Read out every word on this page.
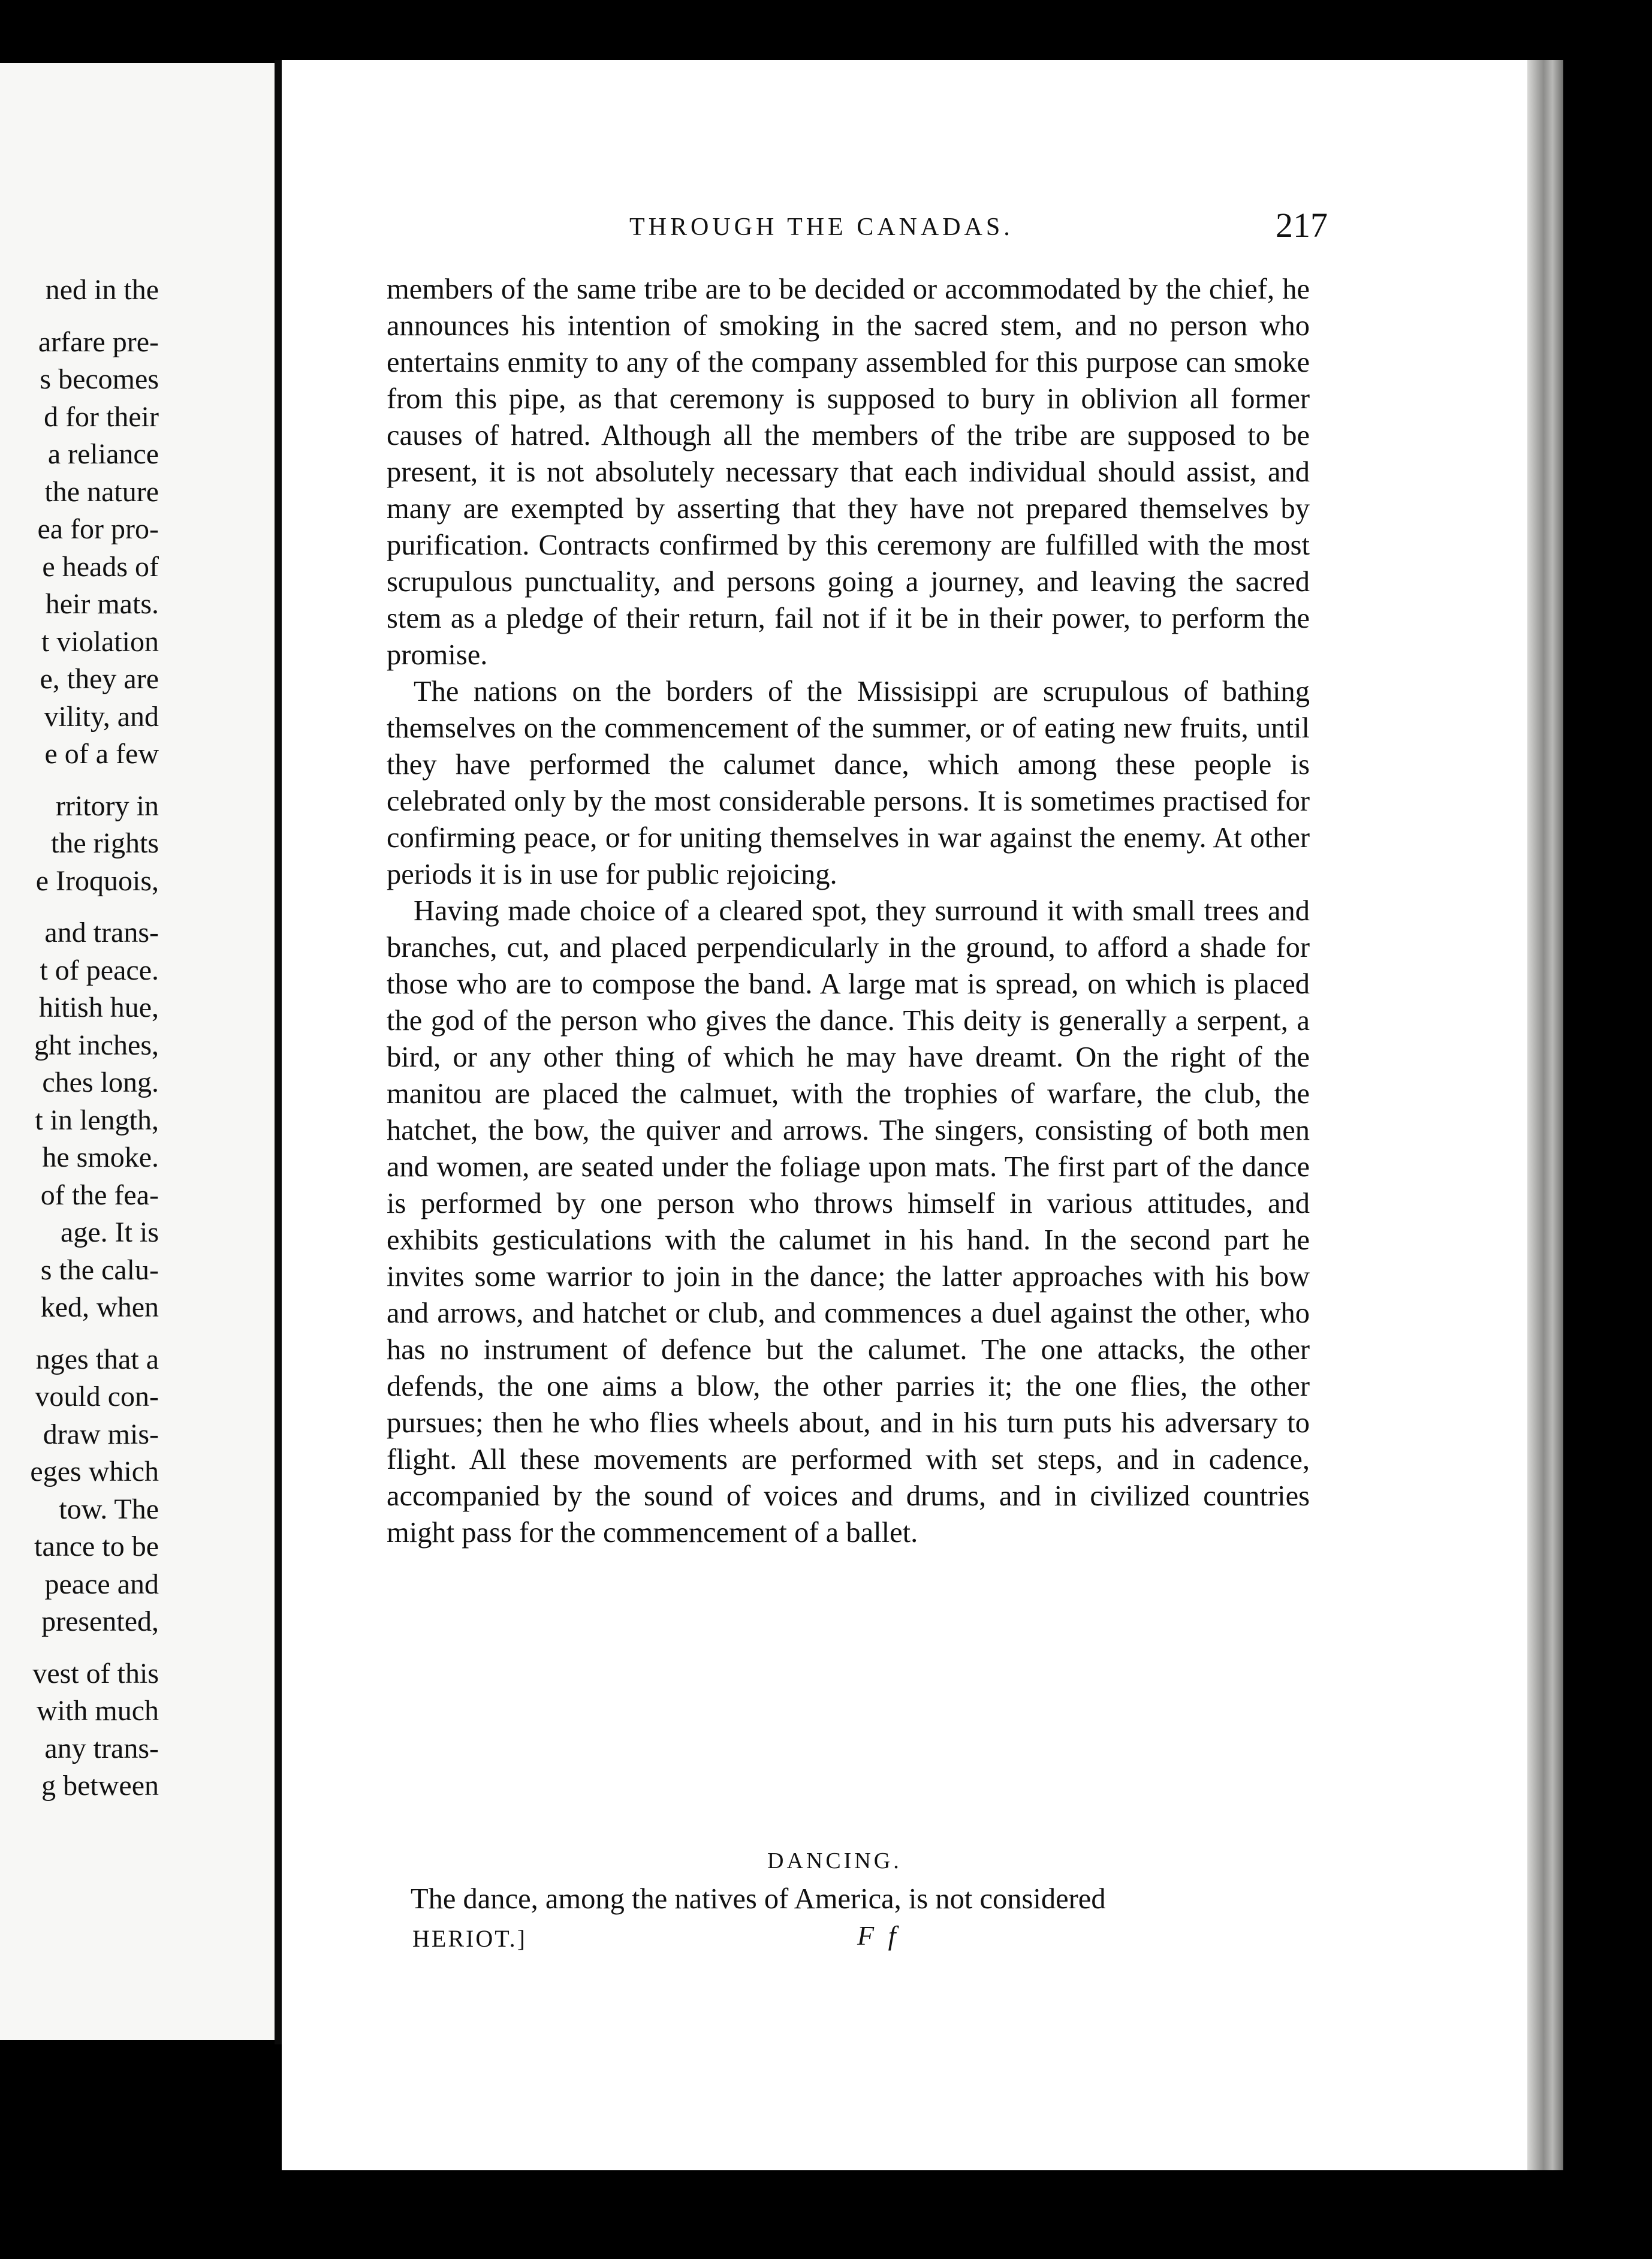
ned in the
arfare pre-
s becomes
d for their
a reliance
the nature
ea for pro-
e heads of
heir mats.
t violation
e, they are
vility, and
e of a few
rritory in
the rights
e Iroquois,
and trans-
t of peace.
hitish hue,
ght inches,
ches long.
t in length,
he smoke.
of the fea-
age. It is
s the calu-
ked, when
nges that a
vould con-
draw mis-
eges which
tow. The
tance to be
peace and
presented,
vest of this
with much
any trans-
g between
THROUGH THE CANADAS.	217

members of the same tribe are to be decided or accommodated by the chief, he announces his intention of smoking in the sacred stem, and no person who entertains enmity to any of the company assembled for this purpose can smoke from this pipe, as that ceremony is supposed to bury in oblivion all former causes of hatred. Although all the members of the tribe are supposed to be present, it is not absolutely necessary that each individual should assist, and many are exempted by asserting that they have not prepared themselves by purification. Contracts confirmed by this ceremony are fulfilled with the most scrupulous punctuality, and persons going a journey, and leaving the sacred stem as a pledge of their return, fail not if it be in their power, to perform the promise.

The nations on the borders of the Missisippi are scrupulous of bathing themselves on the commencement of the summer, or of eating new fruits, until they have performed the calumet dance, which among these people is celebrated only by the most considerable persons. It is sometimes practised for confirming peace, or for uniting themselves in war against the enemy. At other periods it is in use for public rejoicing.

Having made choice of a cleared spot, they surround it with small trees and branches, cut, and placed perpendicularly in the ground, to afford a shade for those who are to compose the band. A large mat is spread, on which is placed the god of the person who gives the dance. This deity is generally a serpent, a bird, or any other thing of which he may have dreamt. On the right of the manitou are placed the calmuet, with the trophies of warfare, the club, the hatchet, the bow, the quiver and arrows. The singers, consisting of both men and women, are seated under the foliage upon mats. The first part of the dance is performed by one person who throws himself in various attitudes, and exhibits gesticulations with the calumet in his hand. In the second part he invites some warrior to join in the dance; the latter approaches with his bow and arrows, and hatchet or club, and commences a duel against the other, who has no instrument of defence but the calumet. The one attacks, the other defends, the one aims a blow, the other parries it; the one flies, the other pursues; then he who flies wheels about, and in his turn puts his adversary to flight. All these movements are performed with set steps, and in cadence, accompanied by the sound of voices and drums, and in civilized countries might pass for the commencement of a ballet.

DANCING.
The dance, among the natives of America, is not considered
HERIOT.]	F f
